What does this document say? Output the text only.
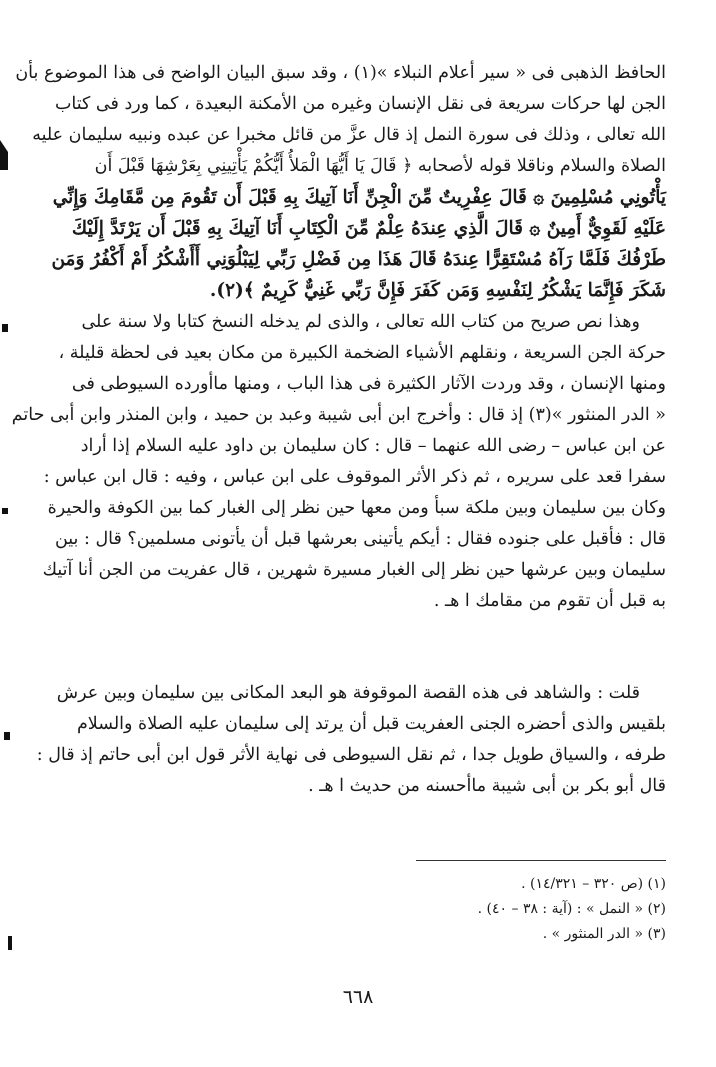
الحافظ الذهبى فى « سير أعلام النبلاء »(١) ، وقد سبق البيان الواضح فى هذا الموضوع بأن
الجن لها حركات سريعة فى نقل الإنسان وغيره من الأمكنة البعيدة ، كما ورد فى كتاب
الله تعالى ، وذلك فى سورة النمل إذ قال عزَّ من قائل مخبرا عن عبده ونبيه سليمان عليه
الصلاة والسلام وناقلا قوله لأصحابه ﴿ قَالَ يَا أَيُّهَا الْمَلأُ أَيُّكُمْ يَأْتِينِي بِعَرْشِهَا قَبْلَ أَن
يَأْتُونِي مُسْلِمِينَ ۞ قَالَ عِفْرِيتٌ مِّنَ الْجِنِّ أَنَا آتِيكَ بِهِ قَبْلَ أَن تَقُومَ مِن مَّقَامِكَ وَإِنِّي
عَلَيْهِ لَقَوِيٌّ أَمِينٌ ۞ قَالَ الَّذِي عِندَهُ عِلْمٌ مِّنَ الْكِتَابِ أَنَا آتِيكَ بِهِ قَبْلَ أَن يَرْتَدَّ إِلَيْكَ
طَرْفُكَ فَلَمَّا رَآهُ مُسْتَقِرًّا عِندَهُ قَالَ هَذَا مِن فَضْلِ رَبِّي لِيَبْلُوَنِي أَأَشْكُرُ أَمْ أَكْفُرُ وَمَن
شَكَرَ فَإِنَّمَا يَشْكُرُ لِنَفْسِهِ وَمَن كَفَرَ فَإِنَّ رَبِّي غَنِيٌّ كَرِيمٌ ﴾(٢).
وهذا نص صريح من كتاب الله تعالى ، والذى لم يدخله النسخ كتابا ولا سنة على
حركة الجن السريعة ، ونقلهم الأشياء الضخمة الكبيرة من مكان بعيد فى لحظة قليلة ،
ومنها الإنسان ، وقد وردت الآثار الكثيرة فى هذا الباب ، ومنها ماأورده السيوطى فى
« الدر المنثور »(٣) إذ قال : وأخرج ابن أبى شيبة وعبد بن حميد ، وابن المنذر وابن أبى حاتم
عن ابن عباس – رضى الله عنهما – قال : كان سليمان بن داود عليه السلام إذا أراد
سفرا قعد على سريره ، ثم ذكر الأثر الموقوف على ابن عباس ، وفيه : قال ابن عباس :
وكان بين سليمان وبين ملكة سبأ ومن معها حين نظر إلى الغبار كما بين الكوفة والحيرة
قال : فأقبل على جنوده فقال : أيكم يأتينى بعرشها قبل أن يأتونى مسلمين؟ قال : بين
سليمان وبين عرشها حين نظر إلى الغبار مسيرة شهرين ، قال عفريت من الجن أنا آتيك
به قبل أن تقوم من مقامك ا هـ .
قلت : والشاهد فى هذه القصة الموقوفة هو البعد المكانى بين سليمان وبين عرش
بلقيس والذى أحضره الجنى العفريت قبل أن يرتد إلى سليمان عليه الصلاة والسلام
طرفه ، والسياق طويل جدا ، ثم نقل السيوطى فى نهاية الأثر قول ابن أبى حاتم إذ قال :
قال أبو بكر بن أبى شيبة ماأحسنه من حديث ا هـ .
(١) (ص ٣٢٠ – ١٤/٣٢١) .
(٢) « النمل » : (آية : ٣٨ – ٤٠) .
(٣) « الدر المنثور » .
٦٦٨
